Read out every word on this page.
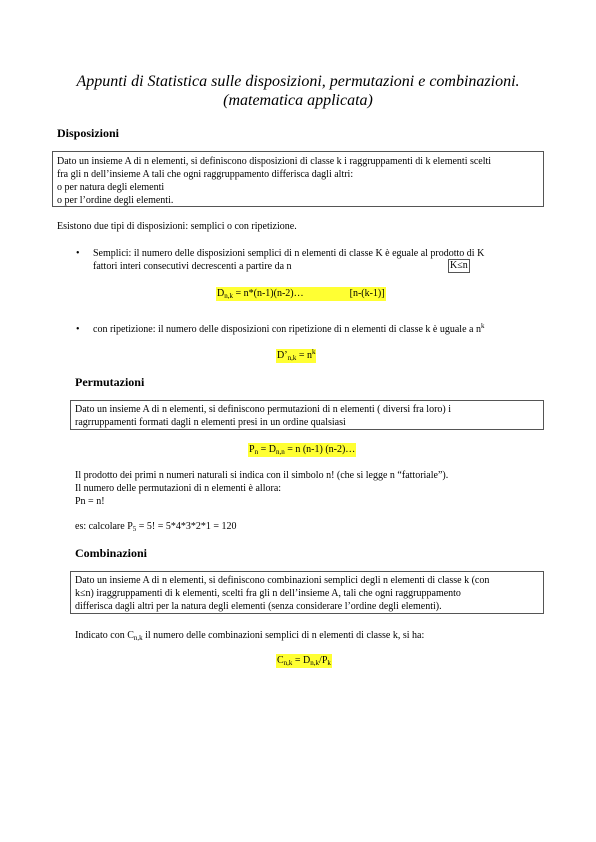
Appunti di Statistica sulle disposizioni, permutazioni e combinazioni.
(matematica applicata)
Disposizioni
Dato un insieme A di n elementi, si definiscono disposizioni di classe k i raggruppamenti di k elementi scelti
fra gli n dell’insieme A tali che ogni raggruppamento differisca dagli altri:
o per natura degli elementi
o per l’ordine degli elementi.
Esistono due tipi di disposizioni: semplici o con ripetizione.
• Semplici: il numero delle disposizioni semplici di n elementi di classe K è eguale al prodotto di K
fattori interi consecutivi decrescenti a partire da n	K≤n
$D_{n,k}$ = n*(n-1)(n-2)…	[n-(k-1)]
• con ripetizione: il numero delle disposizioni con ripetizione di n elementi di classe k è uguale a $n^k$
$D’_{n,k} = n^k$
Permutazioni
Dato un insieme A di n elementi, si definiscono permutazioni di n elementi ( diversi fra loro) i
ragrruppamenti formati dagli n elementi presi in un ordine qualsiasi
$P_n = D_{n,n} = n$ (n-1) (n-2)…
Il prodotto dei primi n numeri naturali si indica con il simbolo n! (che si legge n “fattoriale”).
Il numero delle permutazioni di n elementi è allora:
Pn = n!
es: calcolare $P_5 = 5$! = 5*4*3*2*1 = 120
Combinazioni
Dato un insieme A di n elementi, si definiscono combinazioni semplici degli n elementi di classe k (con
k≤n) iraggruppamenti di k elementi, scelti fra gli n dell’insieme A, tali che ogni raggruppamento
differisca dagli altri per la natura degli elementi (senza considerare l’ordine degli elementi).
Indicato con $C_{n,k}$ il numero delle combinazioni semplici di n elementi di classe k, si ha:
$C_{n,k} = D_{n,k}/P_k$
